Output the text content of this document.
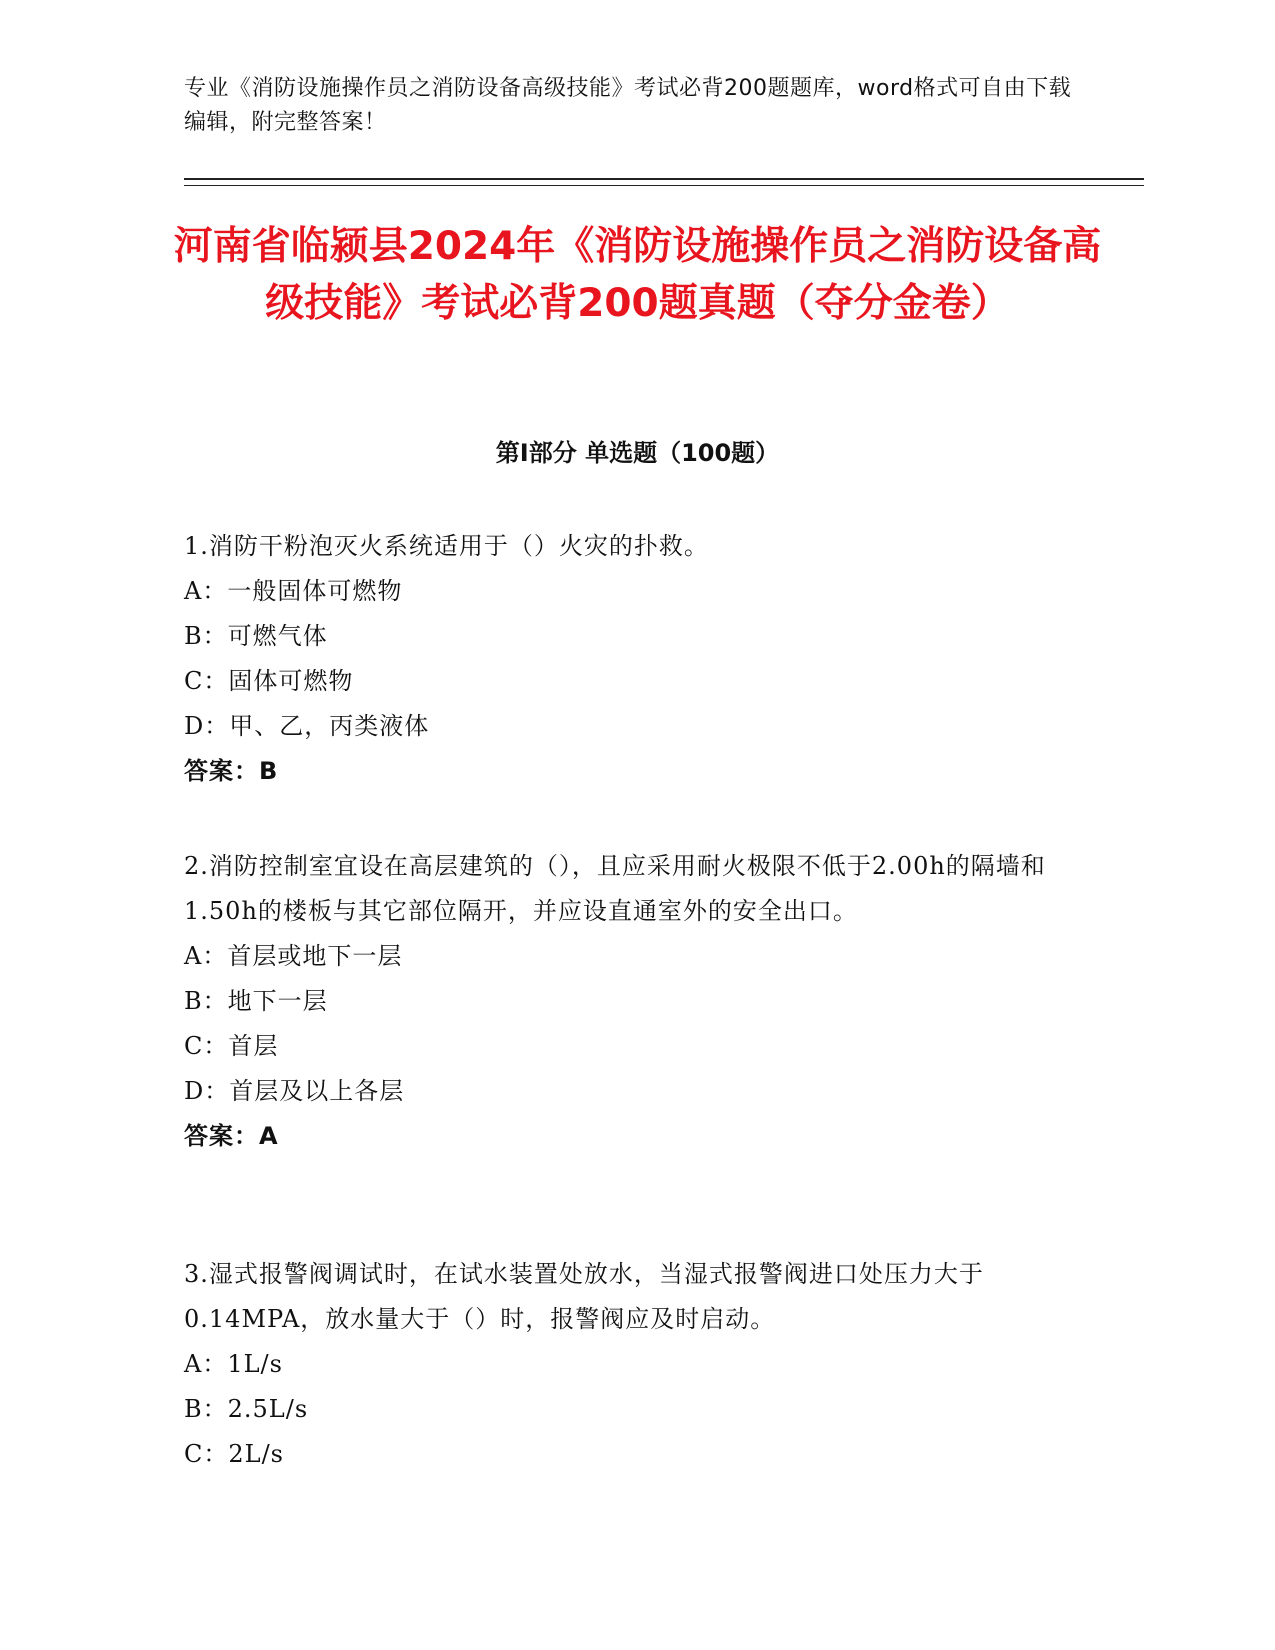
专业《消防设施操作员之消防设备高级技能》考试必背200题题库，word格式可自由下载编辑，附完整答案！
河南省临颍县2024年《消防设施操作员之消防设备高级技能》考试必背200题真题（夺分金卷）
第I部分 单选题（100题）

1.消防干粉泡灭火系统适用于（）火灾的扑救。

A：一般固体可燃物

B：可燃气体

C：固体可燃物

D：甲、乙，丙类液体

答案：B

2.消防控制室宜设在高层建筑的（），且应采用耐火极限不低于2.00h的隔墙和1.50h的楼板与其它部位隔开，并应设直通室外的安全出口。

A：首层或地下一层

B：地下一层

C：首层

D：首层及以上各层

答案：A

3.湿式报警阀调试时，在试水装置处放水，当湿式报警阀进口处压力大于0.14MPA，放水量大于（）时，报警阀应及时启动。

A：1L/s

B：2.5L/s

C：2L/s
